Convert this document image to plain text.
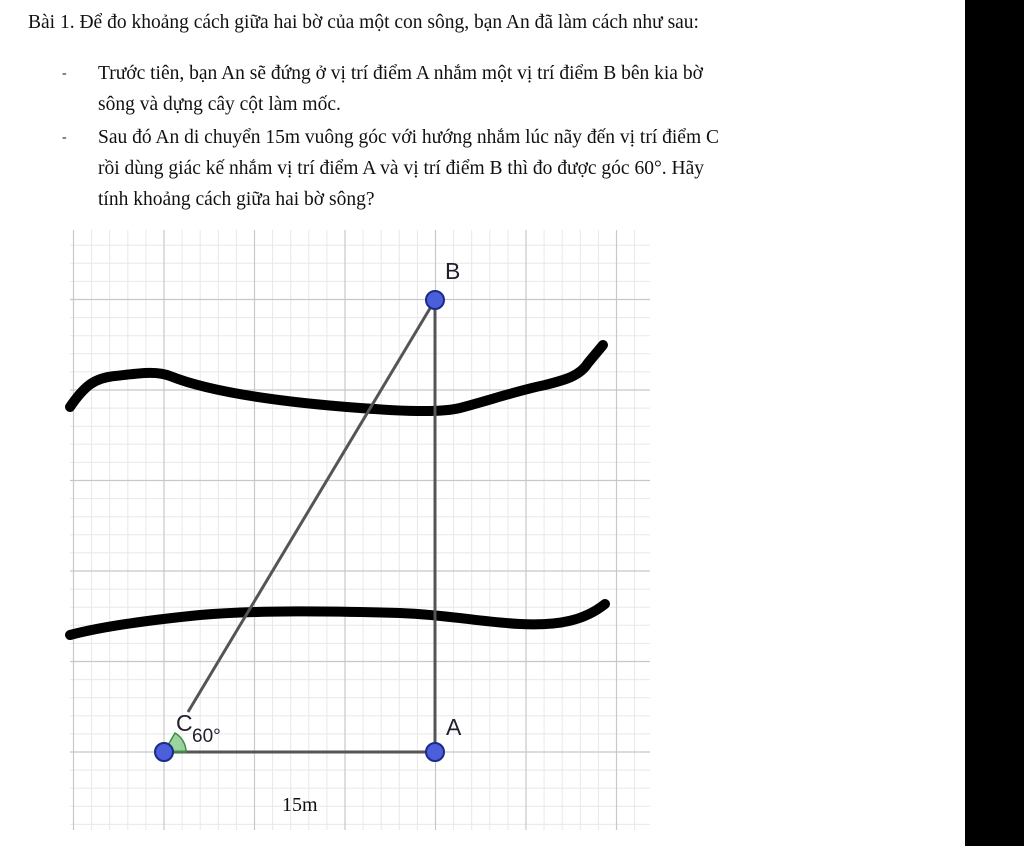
Bài 1. Để đo khoảng cách giữa hai bờ của một con sông, bạn An đã làm cách như sau:
- Trước tiên, bạn An sẽ đứng ở vị trí điểm A nhắm một vị trí điểm B bên kia bờ
sông và dựng cây cột làm mốc.
- Sau đó An di chuyển 15m vuông góc với hướng nhắm lúc nãy đến vị trí điểm C
rồi dùng giác kế nhắm vị trí điểm A và vị trí điểm B thì đo được góc 60°. Hãy
tính khoảng cách giữa hai bờ sông?
B
A
C
60°
15m
